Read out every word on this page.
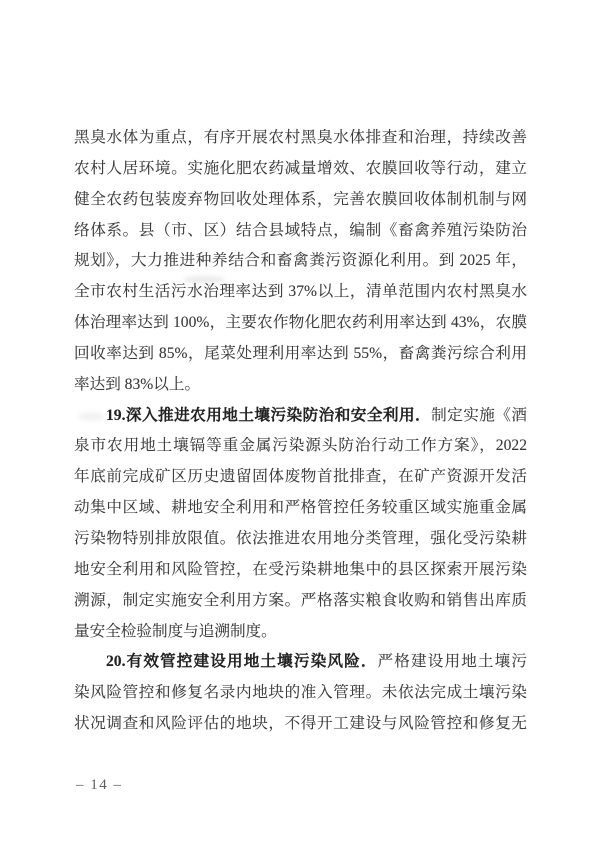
黑臭水体为重点，有序开展农村黑臭水体排查和治理，持续改善
农村人居环境。实施化肥农药减量增效、农膜回收等行动，建立
健全农药包装废弃物回收处理体系，完善农膜回收体制机制与网
络体系。县（市、区）结合县域特点，编制《畜禽养殖污染防治
规划》，大力推进种养结合和畜禽粪污资源化利用。到 2025 年，
全市农村生活污水治理率达到 37%以上，清单范围内农村黑臭水
体治理率达到 100%，主要农作物化肥农药利用率达到 43%，农膜
回收率达到 85%，尾菜处理利用率达到 55%，畜禽粪污综合利用
率达到 83%以上。
19.深入推进农用地土壤污染防治和安全利用．制定实施《酒
泉市农用地土壤镉等重金属污染源头防治行动工作方案》，2022
年底前完成矿区历史遗留固体废物首批排查，在矿产资源开发活
动集中区域、耕地安全利用和严格管控任务较重区域实施重金属
污染物特别排放限值。依法推进农用地分类管理，强化受污染耕
地安全利用和风险管控，在受污染耕地集中的县区探索开展污染
溯源，制定实施安全利用方案。严格落实粮食收购和销售出库质
量安全检验制度与追溯制度。
20.有效管控建设用地土壤污染风险．严格建设用地土壤污
染风险管控和修复名录内地块的准入管理。未依法完成土壤污染
状况调查和风险评估的地块，不得开工建设与风险管控和修复无
– 14 –
